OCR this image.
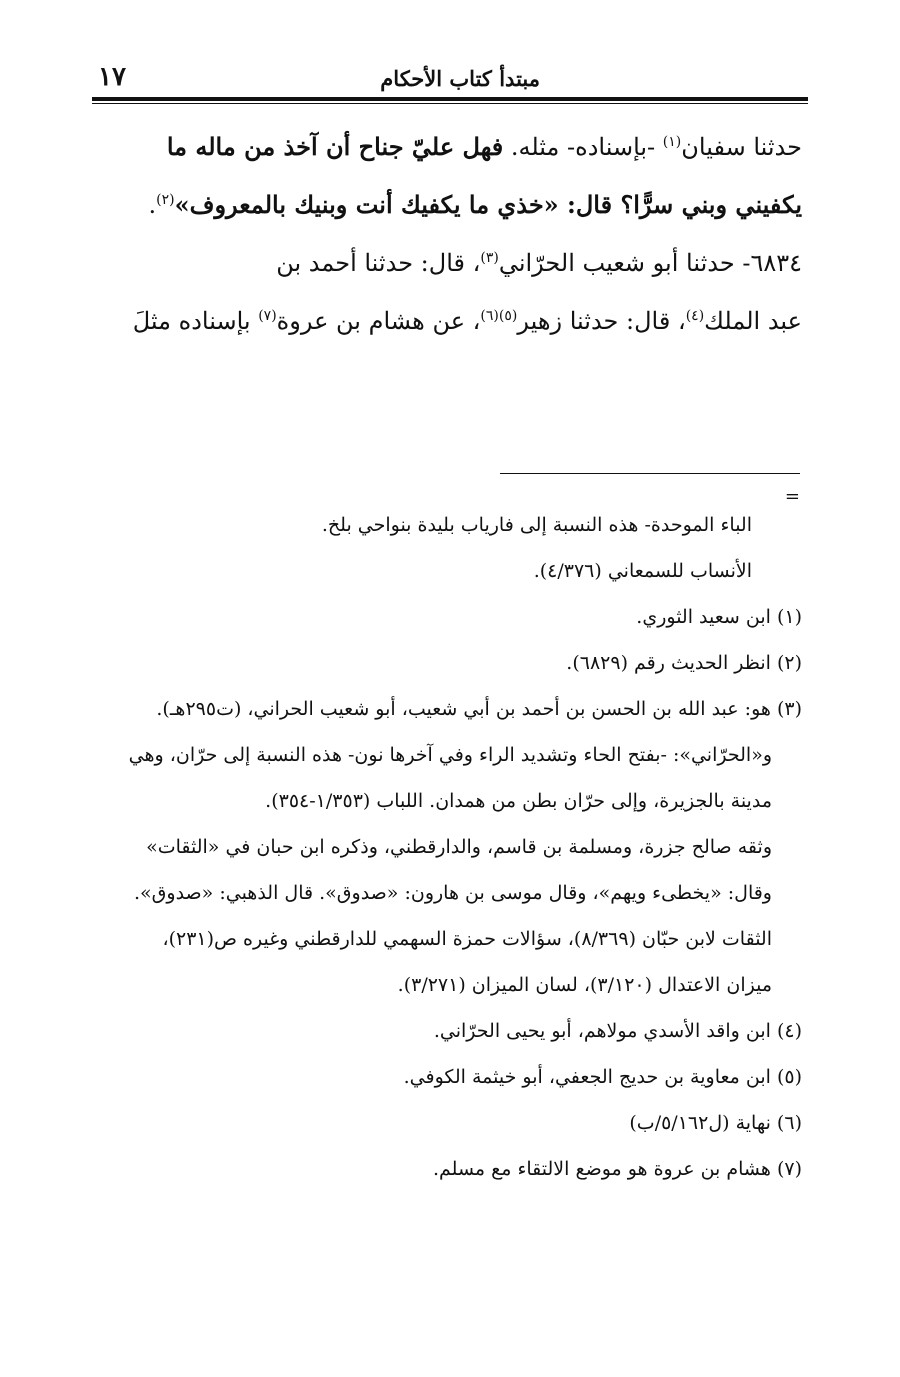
مبتدأ كتاب الأحكام
١٧
حدثنا سفيان$^{(١)}$ -بإسناده- مثله. فهل عليّ جناح أن آخذ من ماله ما
يكفيني وبني سرًّا؟ قال: «خذي ما يكفيك أنت وبنيك بالمعروف»$^{(٢)}$.
٦٨٣٤- حدثنا أبو شعيب الحرّاني$^{(٣)}$، قال: حدثنا أحمد بن
عبد الملك$^{(٤)}$، قال: حدثنا زهير$^{(٥)(٦)}$، عن هشام بن عروة$^{(٧)}$ بإسناده مثلَ
=
الباء الموحدة- هذه النسبة إلى فارياب بليدة بنواحي بلخ.
الأنساب للسمعاني (٤/٣٧٦).
(١) ابن سعيد الثوري.
(٢) انظر الحديث رقم (٦٨٢٩).
(٣) هو: عبد الله بن الحسن بن أحمد بن أبي شعيب، أبو شعيب الحراني، (ت٢٩٥هـ).
و«الحرّاني»: -بفتح الحاء وتشديد الراء وفي آخرها نون- هذه النسبة إلى حرّان، وهي
مدينة بالجزيرة، وإلى حرّان بطن من همدان. اللباب (١/٣٥٣-٣٥٤).
وثقه صالح جزرة، ومسلمة بن قاسم، والدارقطني، وذكره ابن حبان في «الثقات»
وقال: «يخطىء ويهم»، وقال موسى بن هارون: «صدوق». قال الذهبي: «صدوق».
الثقات لابن حبّان (٨/٣٦٩)، سؤالات حمزة السهمي للدارقطني وغيره ص(٢٣١)،
ميزان الاعتدال (٣/١٢٠)، لسان الميزان (٣/٢٧١).
(٤) ابن واقد الأسدي مولاهم، أبو يحيى الحرّاني.
(٥) ابن معاوية بن حديج الجعفي، أبو خيثمة الكوفي.
(٦) نهاية (ل٥/١٦٢/ب)
(٧) هشام بن عروة هو موضع الالتقاء مع مسلم.
